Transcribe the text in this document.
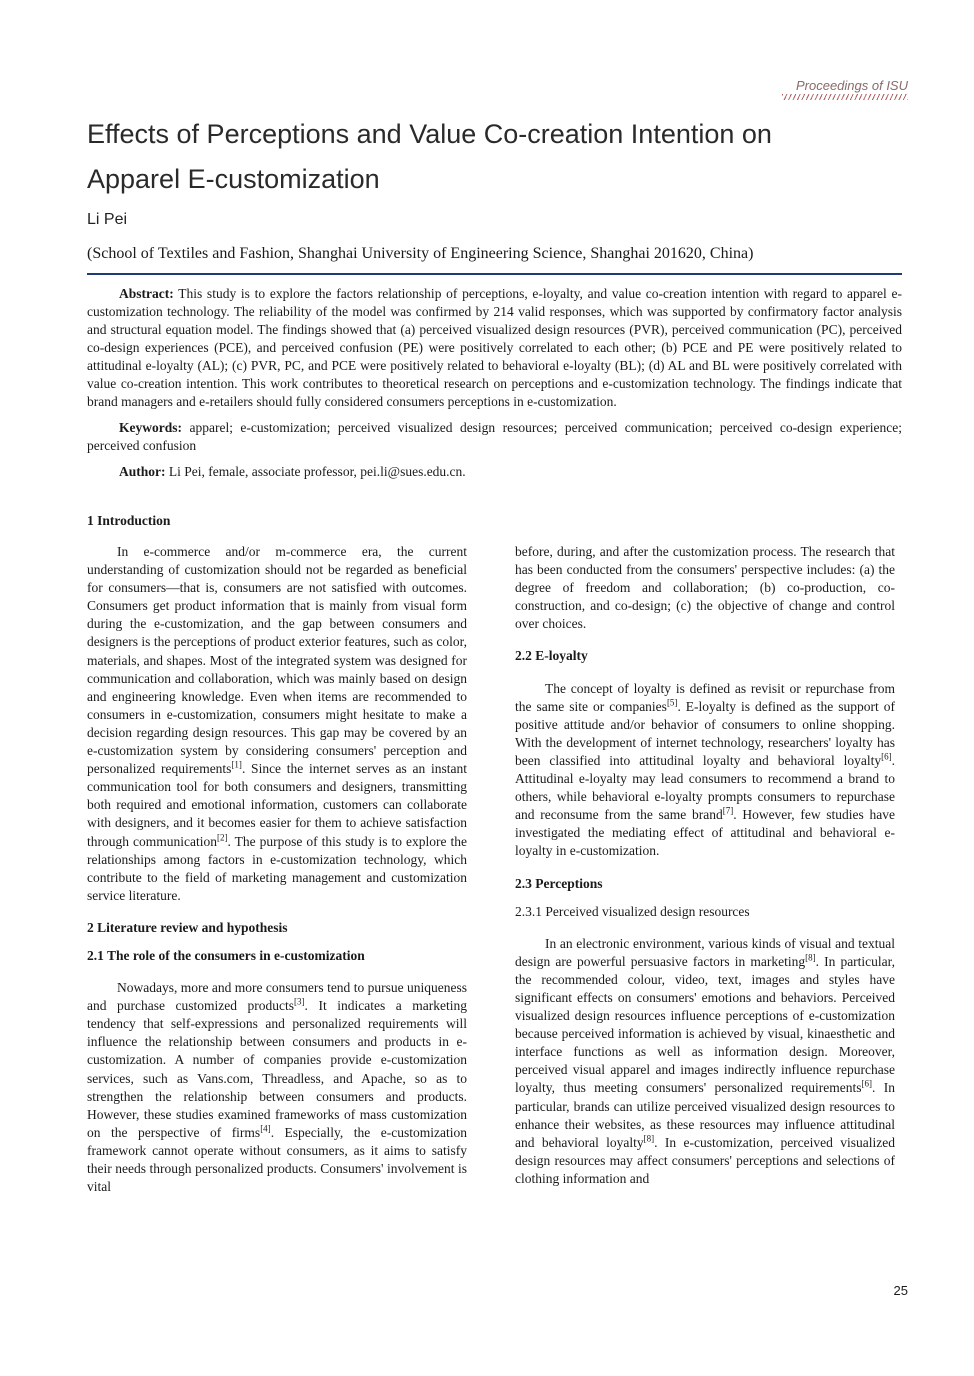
Proceedings of ISU
Effects of Perceptions and Value Co-creation Intention on Apparel E-customization
Li Pei
(School of Textiles and Fashion, Shanghai University of Engineering Science, Shanghai 201620, China)

Abstract: This study is to explore the factors relationship of perceptions, e-loyalty, and value co-creation intention with regard to apparel e-customization technology. The reliability of the model was confirmed by 214 valid responses, which was supported by confirmatory factor analysis and structural equation model. The findings showed that (a) perceived visualized design resources (PVR), perceived communication (PC), perceived co-design experiences (PCE), and perceived confusion (PE) were positively correlated to each other; (b) PCE and PE were positively related to attitudinal e-loyalty (AL); (c) PVR, PC, and PCE were positively related to behavioral e-loyalty (BL); (d) AL and BL were positively correlated with value co-creation intention. This work contributes to theoretical research on perceptions and e-customization technology. The findings indicate that brand managers and e-retailers should fully considered consumers perceptions in e-customization.

Keywords: apparel; e-customization; perceived visualized design resources; perceived communication; perceived co-design experience; perceived confusion

Author: Li Pei, female, associate professor, pei.li@sues.edu.cn.

1 Introduction

In e-commerce and/or m-commerce era, the current understanding of customization should not be regarded as beneficial for consumers—that is, consumers are not satisfied with outcomes. Consumers get product information that is mainly from visual form during the e-customization, and the gap between consumers and designers is the perceptions of product exterior features, such as color, materials, and shapes. Most of the integrated system was designed for communication and collaboration, which was mainly based on design and engineering knowledge. Even when items are recommended to consumers in e-customization, consumers might hesitate to make a decision regarding design resources. This gap may be covered by an e-customization system by considering consumers' perception and personalized requirements[1]. Since the internet serves as an instant communication tool for both consumers and designers, transmitting both required and emotional information, customers can collaborate with designers, and it becomes easier for them to achieve satisfaction through communication[2]. The purpose of this study is to explore the relationships among factors in e-customization technology, which contribute to the field of marketing management and customization service literature.

2 Literature review and hypothesis
2.1 The role of the consumers in e-customization

Nowadays, more and more consumers tend to pursue uniqueness and purchase customized products[3]. It indicates a marketing tendency that self-expressions and personalized requirements will influence the relationship between consumers and products in e-customization. A number of companies provide e-customization services, such as Vans.com, Threadless, and Apache, so as to strengthen the relationship between consumers and products. However, these studies examined frameworks of mass customization on the perspective of firms[4]. Especially, the e-customization framework cannot operate without consumers, as it aims to satisfy their needs through personalized products. Consumers' involvement is vital

before, during, and after the customization process. The research that has been conducted from the consumers' perspective includes: (a) the degree of freedom and collaboration; (b) co-production, co-construction, and co-design; (c) the objective of change and control over choices.

2.2 E-loyalty

The concept of loyalty is defined as revisit or repurchase from the same site or companies[5]. E-loyalty is defined as the support of positive attitude and/or behavior of consumers to online shopping. With the development of internet technology, researchers' loyalty has been classified into attitudinal loyalty and behavioral loyalty[6]. Attitudinal e-loyalty may lead consumers to recommend a brand to others, while behavioral e-loyalty prompts consumers to repurchase and reconsume from the same brand[7]. However, few studies have investigated the mediating effect of attitudinal and behavioral e-loyalty in e-customization.

2.3 Perceptions
2.3.1 Perceived visualized design resources

In an electronic environment, various kinds of visual and textual design are powerful persuasive factors in marketing[8]. In particular, the recommended colour, video, text, images and styles have significant effects on consumers' emotions and behaviors. Perceived visualized design resources influence perceptions of e-customization because perceived information is achieved by visual, kinaesthetic and interface functions as well as information design. Moreover, perceived visual apparel and images indirectly influence repurchase loyalty, thus meeting consumers' personalized requirements[6]. In particular, brands can utilize perceived visualized design resources to enhance their websites, as these resources may influence attitudinal and behavioral loyalty[8]. In e-customization, perceived visualized design resources may affect consumers' perceptions and selections of clothing information and

25
